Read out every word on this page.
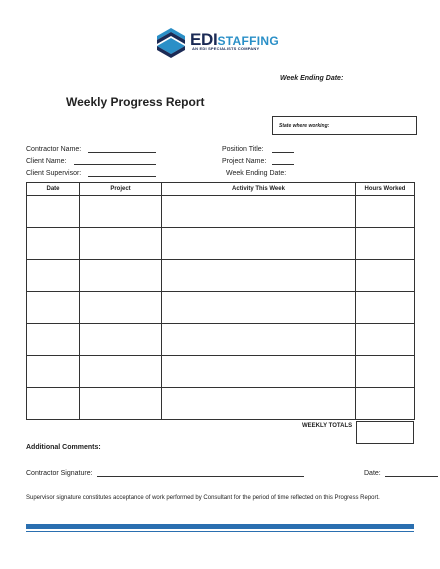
EDISTAFFING
AN EDI SPECIALISTS COMPANY
Week Ending Date:
Weekly Progress Report
State where working:
Contractor Name:
Client Name:
Client Supervisor:
Position Title:
Project Name:
Week Ending Date:
Date	Project	Activity This Week	Hours Worked

WEEKLY TOTALS
Additional Comments:
Contractor Signature:	Date:
Supervisor signature constitutes acceptance of work performed by Consultant for the period of time reflected on this Progress Report.
